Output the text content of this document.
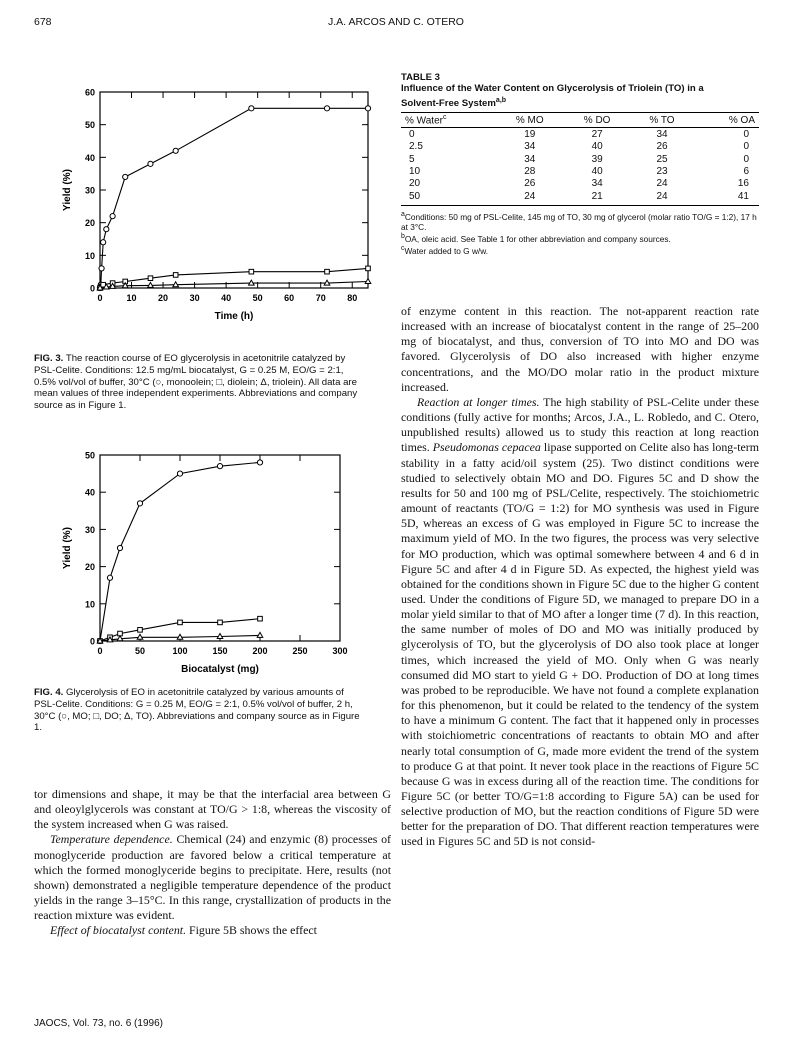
678	J.A. ARCOS AND C. OTERO
0
10
20
30
40
50
60
0	10 20 30 40 50 60 70 80
Time (h)
Yield (%)
FIG. 3. The reaction course of EO glycerolysis in acetonitrile catalyzed by PSL-Celite. Conditions: 12.5 mg/mL biocatalyst, G = 0.25 M, EO/G = 2:1, 0.5% vol/vol of buffer, 30°C (○, monoolein; □, diolein; Δ, triolein). All data are mean values of three independent experiments. Abbreviations and company source as in Figure 1.
0
10
20
30
40
50
0	50	100	150	200	250	300
Biocatalyst (mg)
Yield (%)
FIG. 4. Glycerolysis of EO in acetonitrile catalyzed by various amounts of PSL-Celite. Conditions: G = 0.25 M, EO/G = 2:1, 0.5% vol/vol of buffer, 2 h, 30°C (○, MO; □, DO; Δ, TO). Abbreviations and company source as in Figure 1.
TABLE 3
Influence of the Water Content on Glycerolysis of Triolein (TO) in a Solvent-Free System$^{a,b}$
% Water$^c$	% MO	% DO	% TO	% OA
0	19	27	34	0
2.5	34	40	26	0
5	34	39	25	0
10	28	40	23	6
20	26	34	24	16
50	24	21	24	41
$^a$Conditions: 50 mg of PSL-Celite, 145 mg of TO, 30 mg of glycerol (molar ratio TO/G = 1:2), 17 h at 3°C.
$^b$OA, oleic acid. See Table 1 for other abbreviation and company sources.
$^c$Water added to G w/w.

tor dimensions and shape, it may be that the interfacial area between G and oleoylglycerols was constant at TO/G > 1:8, whereas the viscosity of the system increased when G was raised.

Temperature dependence. Chemical (24) and enzymic (8) processes of monoglyceride production are favored below a critical temperature at which the formed monoglyceride begins to precipitate. Here, results (not shown) demonstrated a negligible temperature dependence of the product yields in the range 3–15°C. In this range, crystallization of products in the reaction mixture was evident.

Effect of biocatalyst content. Figure 5B shows the effect

of enzyme content in this reaction. The not-apparent reaction rate increased with an increase of biocatalyst content in the range of 25–200 mg of biocatalyst, and thus, conversion of TO into MO and DO was favored. Glycerolysis of DO also increased with higher enzyme concentrations, and the MO/DO molar ratio in the product mixture increased.

Reaction at longer times. The high stability of PSL-Celite under these conditions (fully active for months; Arcos, J.A., L. Robledo, and C. Otero, unpublished results) allowed us to study this reaction at long reaction times. Pseudomonas cepacea lipase supported on Celite also has long-term stability in a fatty acid/oil system (25). Two distinct conditions were studied to selectively obtain MO and DO. Figures 5C and D show the results for 50 and 100 mg of PSL/Celite, respectively. The stoichiometric amount of reactants (TO/G = 1:2) for MO synthesis was used in Figure 5D, whereas an excess of G was employed in Figure 5C to increase the maximum yield of MO. In the two figures, the process was very selective for MO production, which was optimal somewhere between 4 and 6 d in Figure 5C and after 4 d in Figure 5D. As expected, the highest yield was obtained for the conditions shown in Figure 5C due to the higher G content used. Under the conditions of Figure 5D, we managed to prepare DO in a molar yield similar to that of MO after a longer time (7 d). In this reaction, the same number of moles of DO and MO was initially produced by glycerolysis of TO, but the glycerolysis of DO also took place at longer times, which increased the yield of MO. Only when G was nearly consumed did MO start to yield G + DO. Production of DO at long times was probed to be reproducible. We have not found a complete explanation for this phenomenon, but it could be related to the tendency of the system to have a minimum G content. The fact that it happened only in processes with stoichiometric concentrations of reactants to obtain MO and after nearly total consumption of G, made more evident the trend of the system to produce G at that point. It never took place in the reactions of Figure 5C because G was in excess during all of the reaction time. The conditions for Figure 5C (or better TO/G=1:8 according to Figure 5A) can be used for selective production of MO, but the reaction conditions of Figure 5D were better for the preparation of DO. That different reaction temperatures were used in Figures 5C and 5D is not consid-

JAOCS, Vol. 73, no. 6 (1996)
